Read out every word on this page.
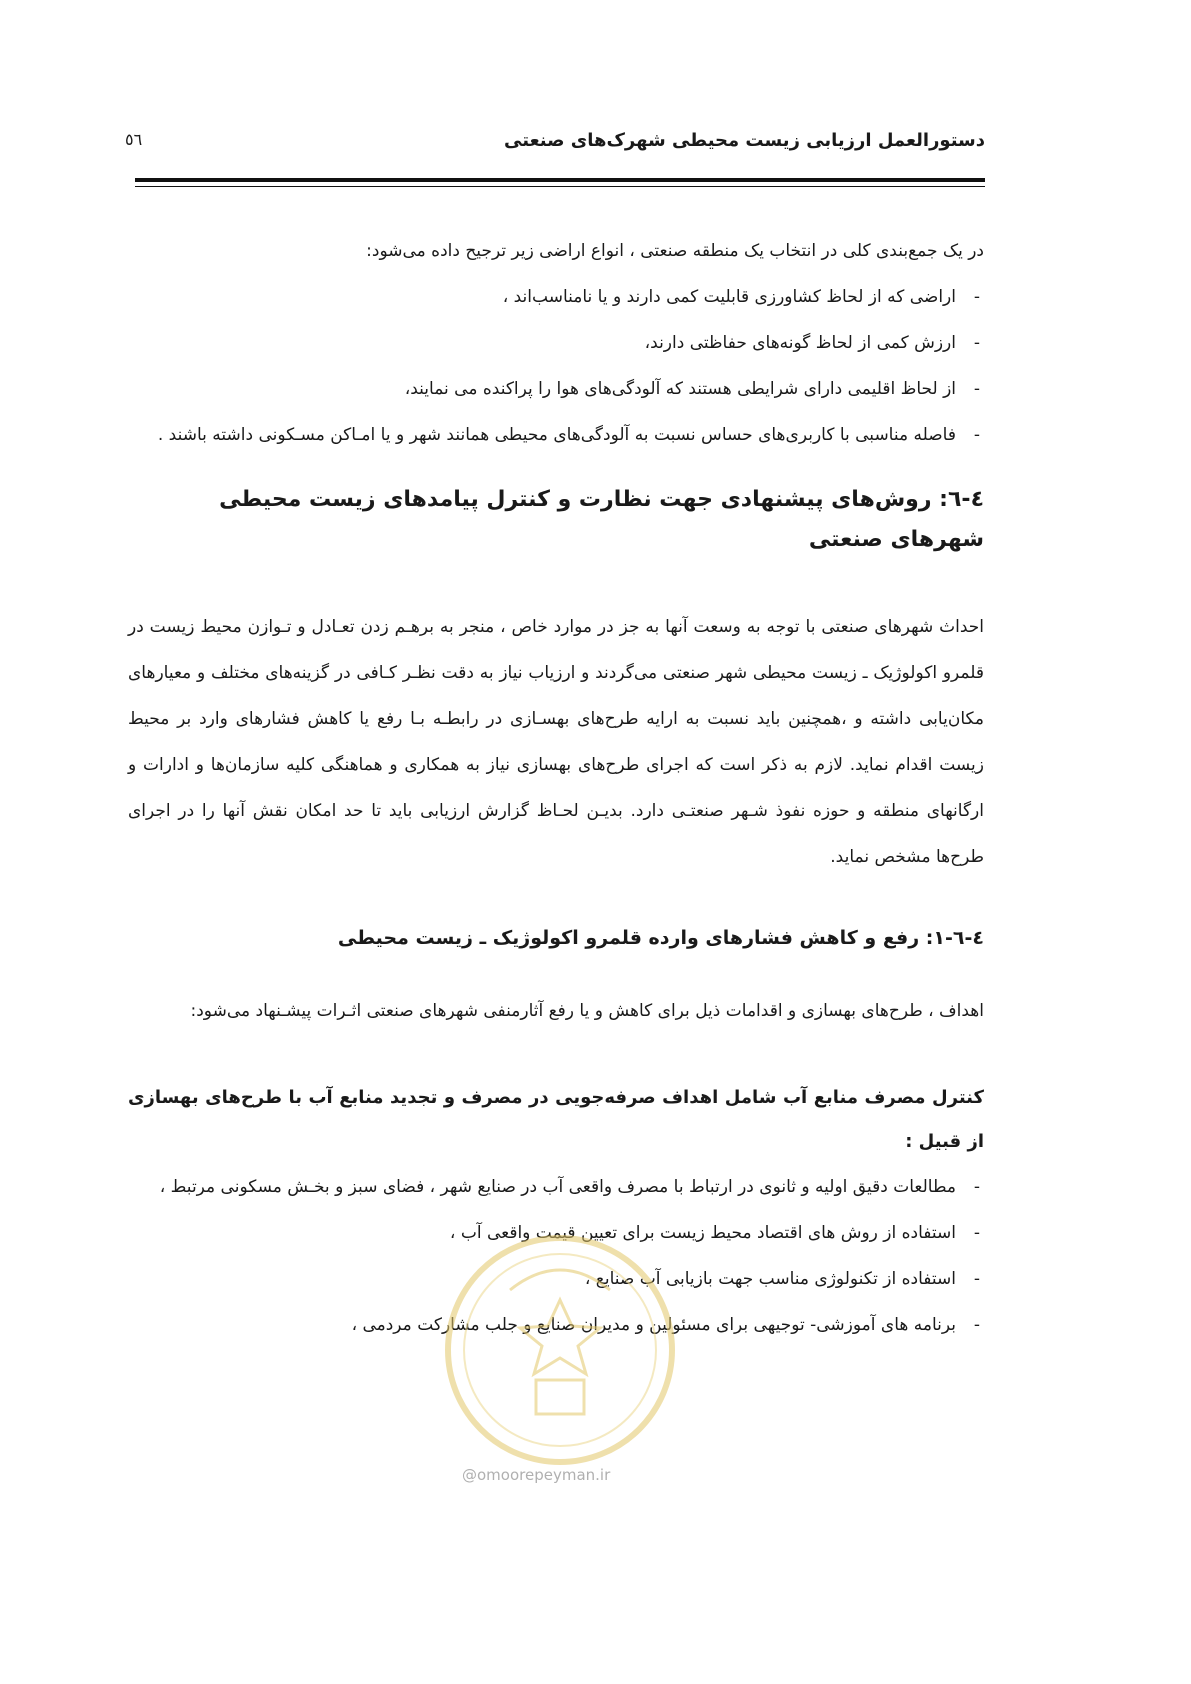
دستورالعمل ارزیابی زیست محیطی شهرک‌های صنعتی
٥٦

در یک جمع‌بندی کلی در انتخاب یک منطقه صنعتی ، انواع اراضی زیر ترجیح داده می‌شود:

-
اراضی که از لحاظ کشاورزی قابلیت کمی دارند و یا نامناسب‌اند ،
-
ارزش کمی از لحاظ گونه‌های حفاظتی دارند،
-
از لحاظ اقلیمی دارای شرایطی هستند که آلودگی‌های هوا را پراکنده می نمایند،
-
فاصله مناسبی با کاربری‌های حساس نسبت به آلودگی‌های محیطی همانند شهر و یا امـاکن مسـکونی داشته باشند .
٤-٦: روش‌های پیشنهادی جهت نظارت و کنترل پیامدهای زیست محیطی شهرهای صنعتی

احداث شهرهای صنعتی با توجه به وسعت آنها به جز در موارد خاص ، منجر به برهـم زدن تعـادل و تـوازن محیط زیست در قلمرو اکولوژیک ـ زیست محیطی شهر صنعتی می‌گردند و ارزیاب نیاز به دقت نظـر کـافی در گزینه‌های مختلف و معیارهای مکان‌یابی داشته و ،همچنین باید نسبت به ارایه طرح‌های بهسـازی در رابطـه بـا رفع یا کاهش فشارهای وارد بر محیط زیست اقدام نماید. لازم به ذکر است که اجرای طرح‌های بهسازی نیاز به همکاری و هماهنگی کلیه سازمان‌ها و ادارات و ارگانهای منطقه و حوزه نفوذ شـهر صنعتـی دارد. بدیـن لحـاظ گزارش ارزیابی باید تا حد امکان نقش آنها را در اجرای طرح‌ها مشخص نماید.

٤-٦-١: رفع و کاهش فشارهای وارده قلمرو اکولوژیک ـ زیست محیطی

اهداف ، طرح‌های بهسازی و اقدامات ذیل برای کاهش و یا رفع آثارمنفی شهرهای صنعتی اثـرات پیشـنهاد می‌شود:

کنترل مصرف منابع آب شامل اهداف صرفه‌جویی در مصرف و تجدید منابع آب با طرح‌های بهسازی از قبیل :

-
مطالعات دقیق اولیه و ثانوی در ارتباط با مصرف واقعی آب در صنایع شهر ، فضای سبز و بخـش مسکونی مرتبط ،
-
استفاده از روش های اقتصاد محیط زیست برای تعیین قیمت واقعی آب ،
-
استفاده از تکنولوژی مناسب جهت بازیابی آب صنایع ،
-
برنامه های آموزشی- توجیهی برای مسئولین و مدیران صنایع و جلب مشارکت مردمی ،
@omoorepeyman.ir
